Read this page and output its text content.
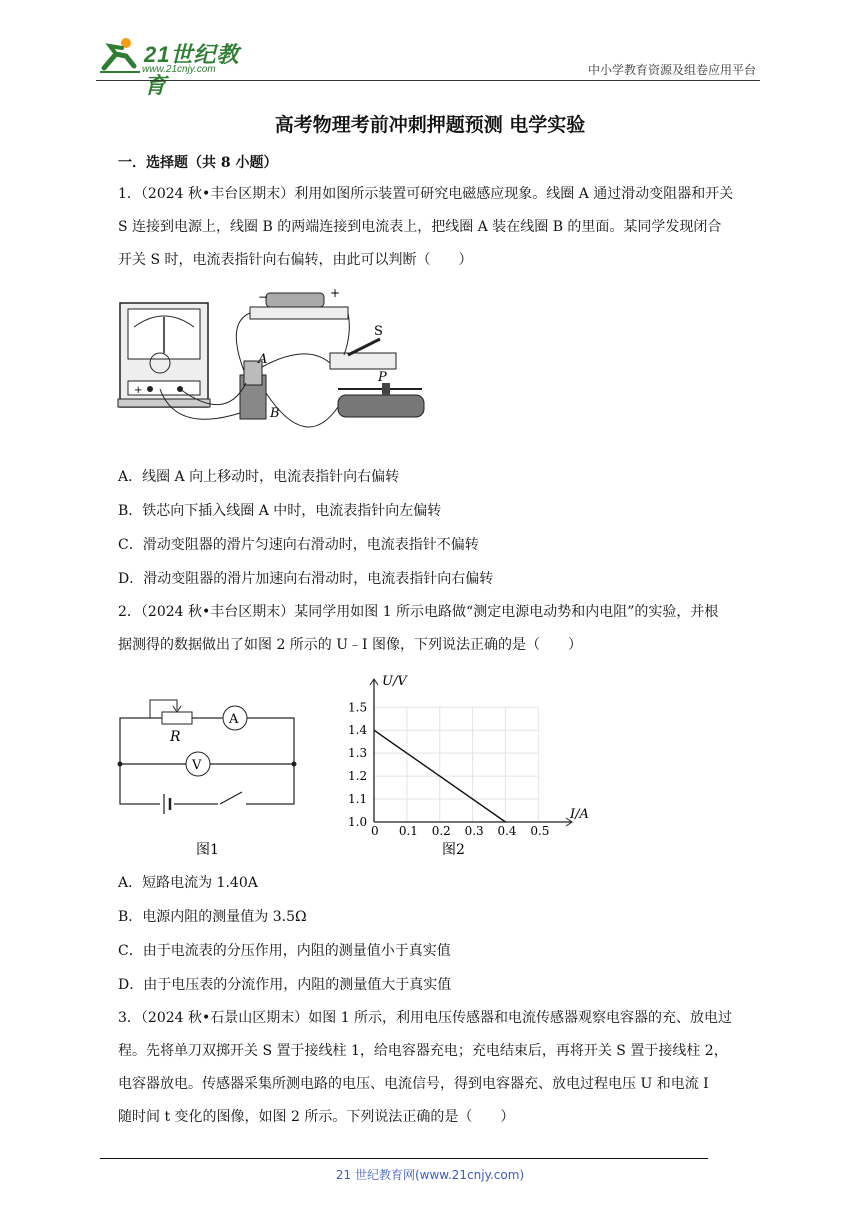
21世纪教育
www.21cnjy.com	中小学教育资源及组卷应用平台
高考物理考前冲刺押题预测 电学实验
一．选择题（共 8 小题）
1．（2024 秋•丰台区期末）利用如图所示装置可研究电磁感应现象。线圈 A 通过滑动变阻器和开关
S 连接到电源上，线圈 B 的两端连接到电流表上，把线圈 A 装在线圈 B 的里面。某同学发现闭合
开关 S 时，电流表指针向右偏转，由此可以判断（　　）
+
−	+
A
B
S
P
A．线圈 A 向上移动时，电流表指针向右偏转
B．铁芯向下插入线圈 A 中时，电流表指针向左偏转
C．滑动变阻器的滑片匀速向右滑动时，电流表指针不偏转
D．滑动变阻器的滑片加速向右滑动时，电流表指针向右偏转
2．（2024 秋•丰台区期末）某同学用如图 1 所示电路做“测定电源电动势和内电阻”的实验，并根
据测得的数据做出了如图 2 所示的 U﹣I 图像，下列说法正确的是（　　）
R
A
V
图1
0.1 0.2 0.3 0.4 0.5
0
1.0
1.1
1.2
1.3
1.4
1.5
I/A
U/V
图2
A．短路电流为 1.40A
B．电源内阻的测量值为 3.5Ω
C．由于电流表的分压作用，内阻的测量值小于真实值
D．由于电压表的分流作用，内阻的测量值大于真实值
3．（2024 秋•石景山区期末）如图 1 所示，利用电压传感器和电流传感器观察电容器的充、放电过
程。先将单刀双掷开关 S 置于接线柱 1，给电容器充电；充电结束后，再将开关 S 置于接线柱 2，
电容器放电。传感器采集所测电路的电压、电流信号，得到电容器充、放电过程电压 U 和电流 I
随时间 t 变化的图像，如图 2 所示。下列说法正确的是（　　）
21 世纪教育网(www.21cnjy.com)
